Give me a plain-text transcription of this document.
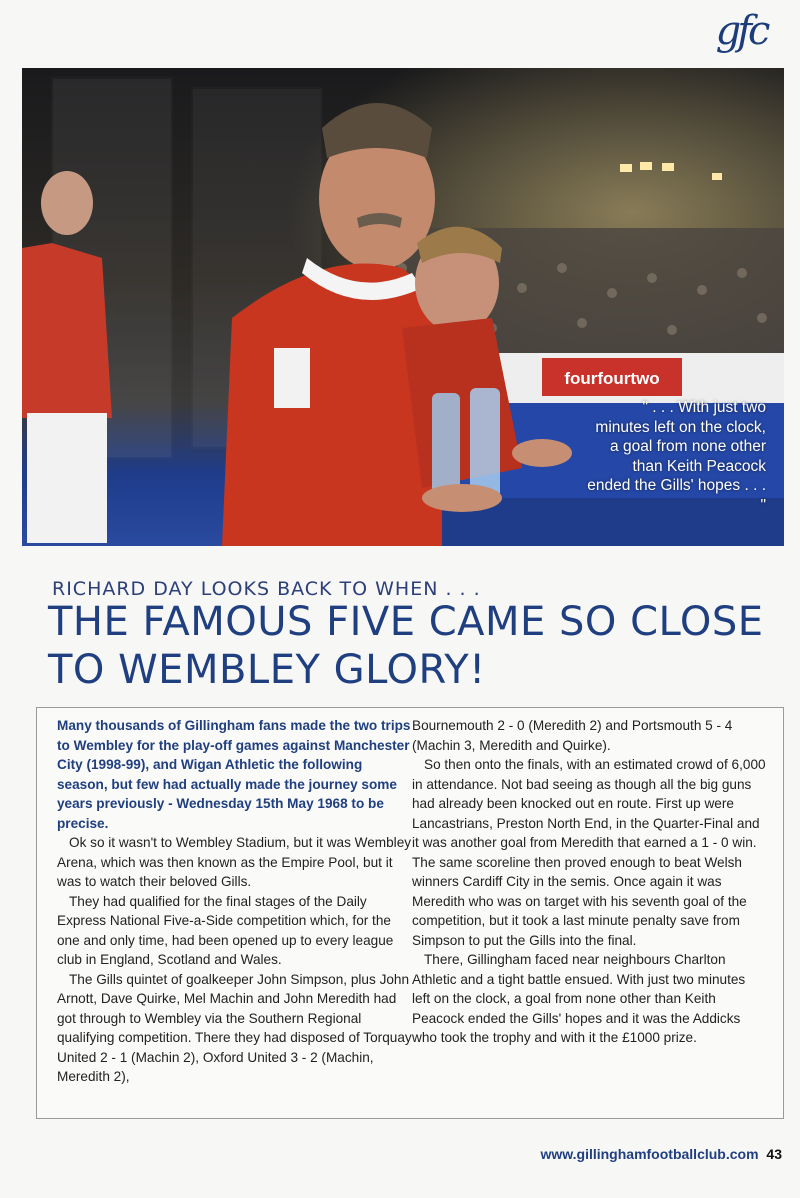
gfc
fourfourtwo
" . . . With just two minutes left on the clock, a goal from none other than Keith Peacock ended the Gills' hopes . . . "
RICHARD DAY LOOKS BACK TO WHEN . . .
THE FAMOUS FIVE CAME SO CLOSE TO WEMBLEY GLORY!

Many thousands of Gillingham fans made the two trips to Wembley for the play-off games against Manchester City (1998-99), and Wigan Athletic the following season, but few had actually made the journey some years previously - Wednesday 15th May 1968 to be precise.

Ok so it wasn't to Wembley Stadium, but it was Wembley Arena, which was then known as the Empire Pool, but it was to watch their beloved Gills.

They had qualified for the final stages of the Daily Express National Five-a-Side competition which, for the one and only time, had been opened up to every league club in England, Scotland and Wales.

The Gills quintet of goalkeeper John Simpson, plus John Arnott, Dave Quirke, Mel Machin and John Meredith had got through to Wembley via the Southern Regional qualifying competition. There they had disposed of Torquay United 2 - 1 (Machin 2), Oxford United 3 - 2 (Machin, Meredith 2),

Bournemouth 2 - 0 (Meredith 2) and Portsmouth 5 - 4 (Machin 3, Meredith and Quirke).

So then onto the finals, with an estimated crowd of 6,000 in attendance. Not bad seeing as though all the big guns had already been knocked out en route. First up were Lancastrians, Preston North End, in the Quarter-Final and it was another goal from Meredith that earned a 1 - 0 win. The same scoreline then proved enough to beat Welsh winners Cardiff City in the semis. Once again it was Meredith who was on target with his seventh goal of the competition, but it took a last minute penalty save from Simpson to put the Gills into the final.

There, Gillingham faced near neighbours Charlton Athletic and a tight battle ensued. With just two minutes left on the clock, a goal from none other than Keith Peacock ended the Gills' hopes and it was the Addicks who took the trophy and with it the £1000 prize.

www.gillinghamfootballclub.com 43
